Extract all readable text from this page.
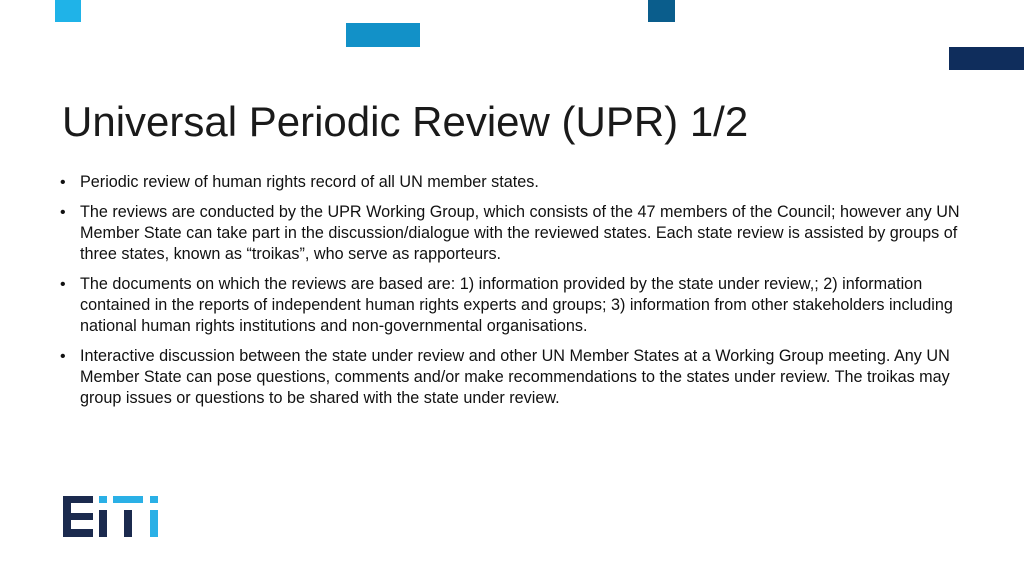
Universal Periodic Review (UPR) 1/2
• Periodic review of human rights record of all UN member states.
• The reviews are conducted by the UPR Working Group, which consists of the 47 members of the Council; however any UN Member State can take part in the discussion/dialogue with the reviewed states. Each state review is assisted by groups of three states, known as “troikas”, who serve as rapporteurs.
• The documents on which the reviews are based are: 1) information provided by the state under review,; 2) information contained in the reports of independent human rights experts and groups; 3) information from other stakeholders including national human rights institutions and non-governmental organisations.
• Interactive discussion between the state under review and other UN Member States at a Working Group meeting. Any UN Member State can pose questions, comments and/or make recommendations to the states under review. The troikas may group issues or questions to be shared with the state under review.
